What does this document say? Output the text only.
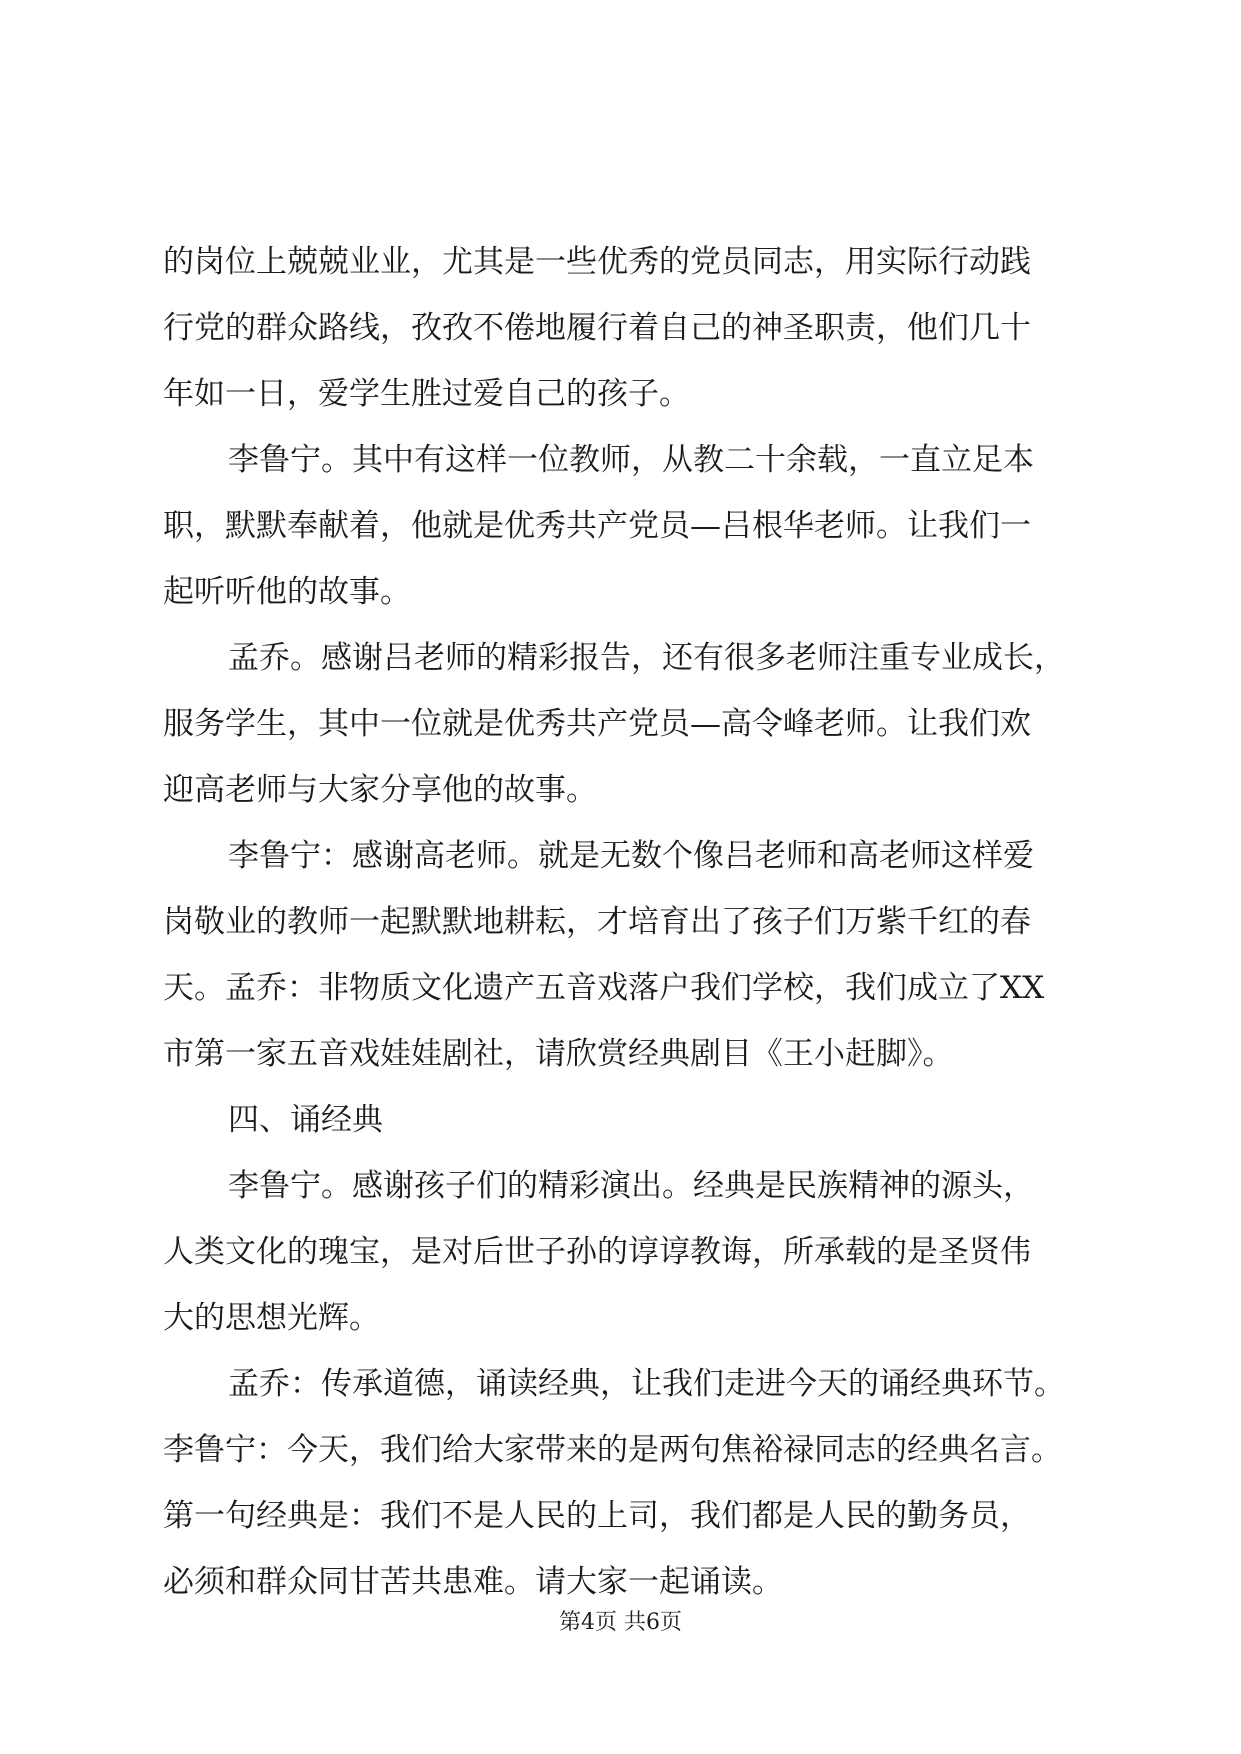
的岗位上兢兢业业，尤其是一些优秀的党员同志，用实际行动践
行党的群众路线，孜孜不倦地履行着自己的神圣职责，他们几十
年如一日，爱学生胜过爱自己的孩子。
李鲁宁。其中有这样一位教师，从教二十余载，一直立足本
职，默默奉献着，他就是优秀共产党员—吕根华老师。让我们一
起听听他的故事。
孟乔。感谢吕老师的精彩报告，还有很多老师注重专业成长，
服务学生，其中一位就是优秀共产党员—高令峰老师。让我们欢
迎高老师与大家分享他的故事。
李鲁宁：感谢高老师。就是无数个像吕老师和高老师这样爱
岗敬业的教师一起默默地耕耘，才培育出了孩子们万紫千红的春
天。孟乔：非物质文化遗产五音戏落户我们学校，我们成立了XX
市第一家五音戏娃娃剧社，请欣赏经典剧目《王小赶脚》。
四、诵经典
李鲁宁。感谢孩子们的精彩演出。经典是民族精神的源头，
人类文化的瑰宝，是对后世子孙的谆谆教诲，所承载的是圣贤伟
大的思想光辉。
孟乔：传承道德，诵读经典，让我们走进今天的诵经典环节。
李鲁宁：今天，我们给大家带来的是两句焦裕禄同志的经典名言。
第一句经典是：我们不是人民的上司，我们都是人民的勤务员，
必须和群众同甘苦共患难。请大家一起诵读。
第4页 共6页
